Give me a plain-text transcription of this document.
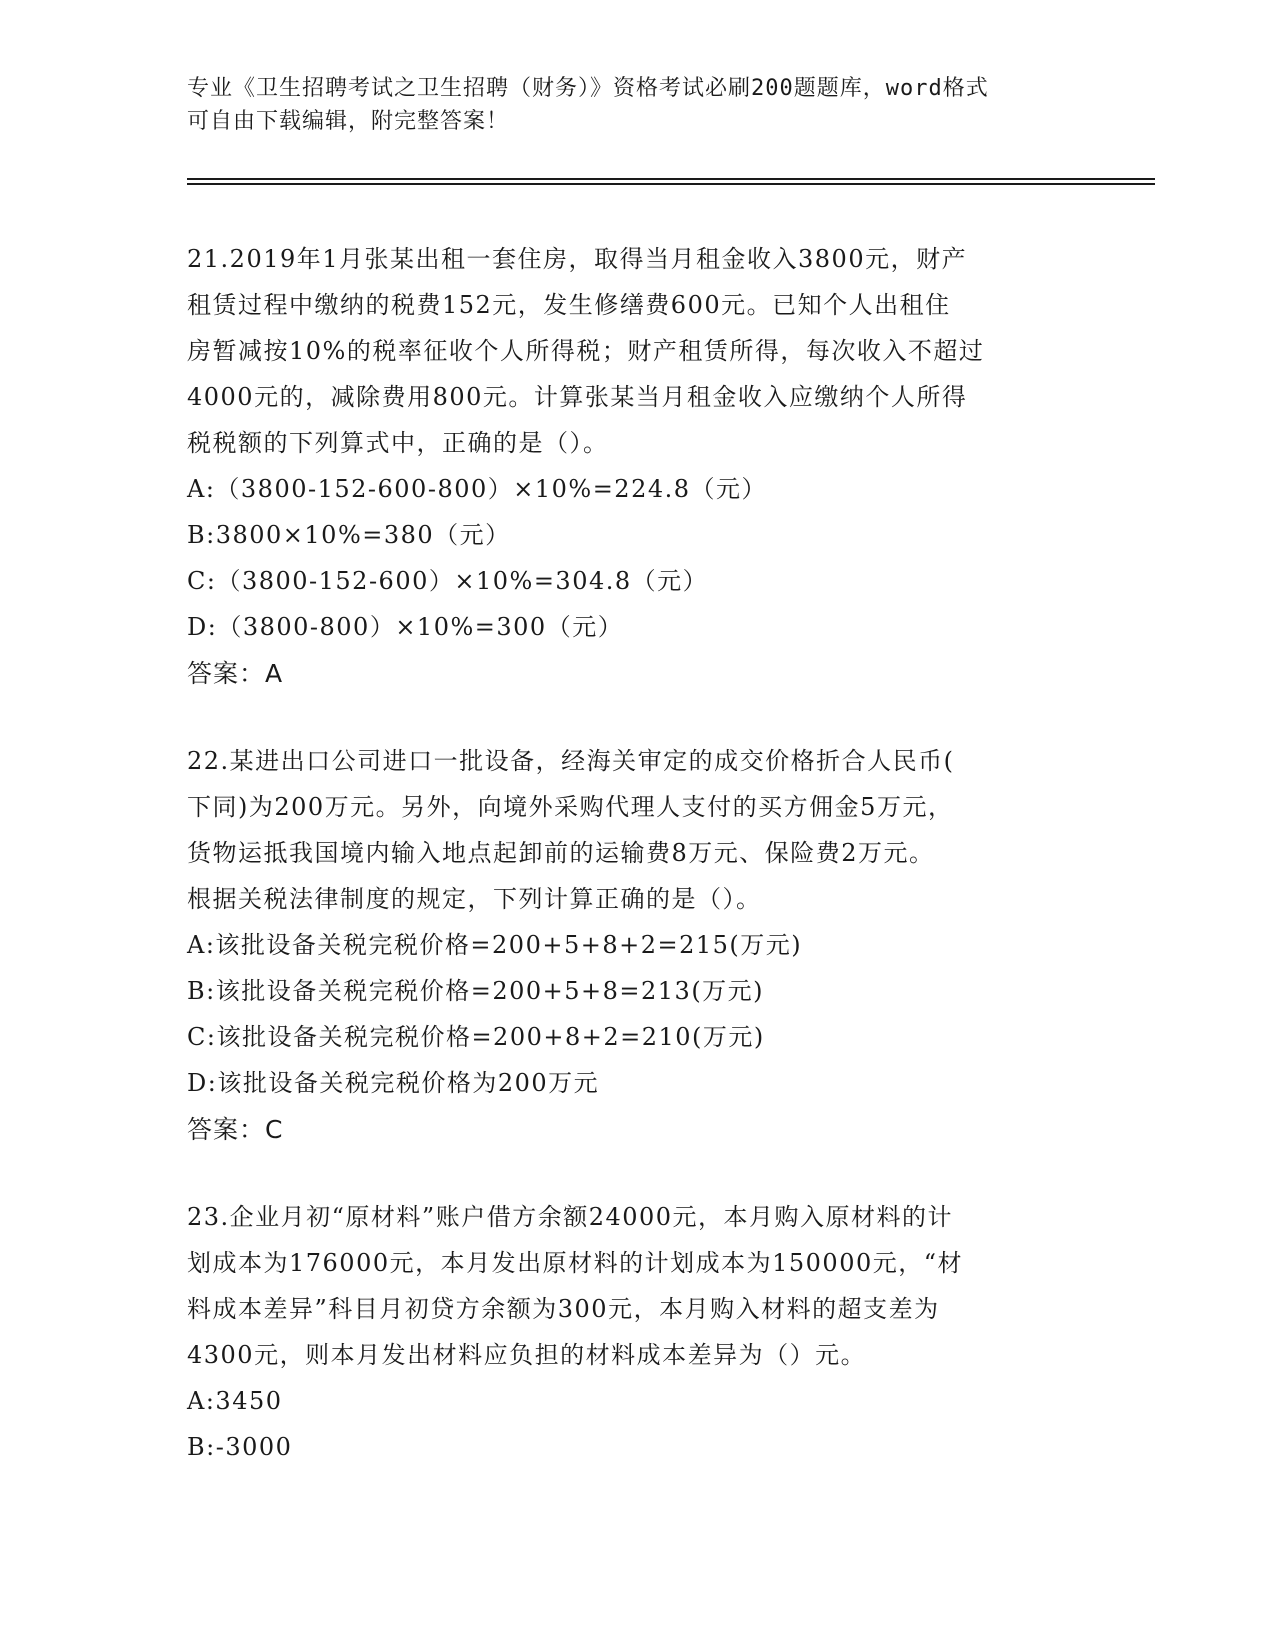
专业《卫生招聘考试之卫生招聘（财务）》资格考试必刷200题题库，word格式
可自由下载编辑，附完整答案！
21.2019年1月张某出租一套住房，取得当月租金收入3800元，财产
租赁过程中缴纳的税费152元，发生修缮费600元。已知个人出租住
房暂减按10%的税率征收个人所得税；财产租赁所得，每次收入不超过
4000元的，减除费用800元。计算张某当月租金收入应缴纳个人所得
税税额的下列算式中，正确的是（）。
A:（3800-152-600-800）×10%=224.8（元）
B:3800×10%=380（元）
C:（3800-152-600）×10%=304.8（元）
D:（3800-800）×10%=300（元）
答案：A
22.某进出口公司进口一批设备，经海关审定的成交价格折合人民币(
下同)为200万元。另外，向境外采购代理人支付的买方佣金5万元，
货物运抵我国境内输入地点起卸前的运输费8万元、保险费2万元。
根据关税法律制度的规定，下列计算正确的是（）。
A:该批设备关税完税价格=200+5+8+2=215(万元)
B:该批设备关税完税价格=200+5+8=213(万元)
C:该批设备关税完税价格=200+8+2=210(万元)
D:该批设备关税完税价格为200万元
答案：C
23.企业月初“原材料”账户借方余额24000元，本月购入原材料的计
划成本为176000元，本月发出原材料的计划成本为150000元，“材
料成本差异”科目月初贷方余额为300元，本月购入材料的超支差为
4300元，则本月发出材料应负担的材料成本差异为（）元。
A:3450
B:-3000
